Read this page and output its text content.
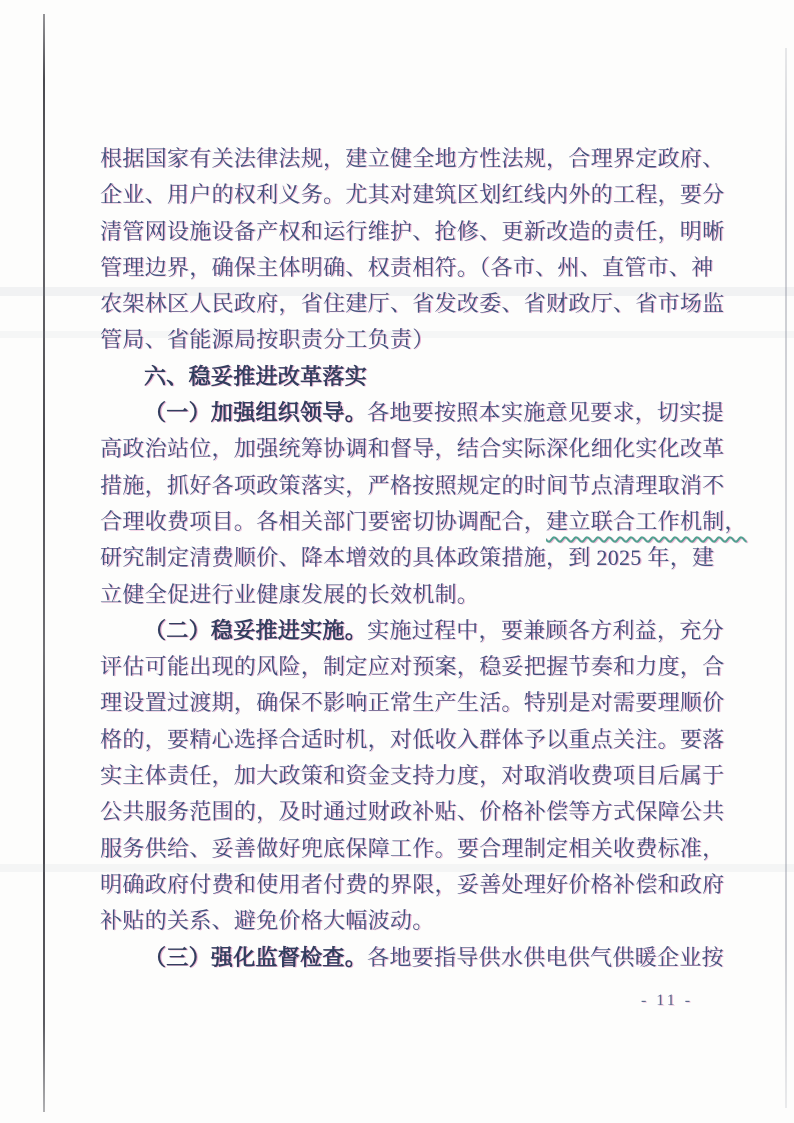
根据国家有关法律法规，建立健全地方性法规，合理界定政府、
企业、用户的权利义务。尤其对建筑区划红线内外的工程，要分
清管网设施设备产权和运行维护、抢修、更新改造的责任，明晰
管理边界，确保主体明确、权责相符。（各市、州、直管市、神
农架林区人民政府，省住建厅、省发改委、省财政厅、省市场监
管局、省能源局按职责分工负责）
六、稳妥推进改革落实
（一）加强组织领导。各地要按照本实施意见要求，切实提
高政治站位，加强统筹协调和督导，结合实际深化细化实化改革
措施，抓好各项政策落实，严格按照规定的时间节点清理取消不
合理收费项目。各相关部门要密切协调配合，建立联合工作机制，
研究制定清费顺价、降本增效的具体政策措施，到 2025 年，建
立健全促进行业健康发展的长效机制。
（二）稳妥推进实施。实施过程中，要兼顾各方利益，充分
评估可能出现的风险，制定应对预案，稳妥把握节奏和力度，合
理设置过渡期，确保不影响正常生产生活。特别是对需要理顺价
格的，要精心选择合适时机，对低收入群体予以重点关注。要落
实主体责任，加大政策和资金支持力度，对取消收费项目后属于
公共服务范围的，及时通过财政补贴、价格补偿等方式保障公共
服务供给、妥善做好兜底保障工作。要合理制定相关收费标准，
明确政府付费和使用者付费的界限，妥善处理好价格补偿和政府
补贴的关系、避免价格大幅波动。
（三）强化监督检查。各地要指导供水供电供气供暖企业按
- 11 -
